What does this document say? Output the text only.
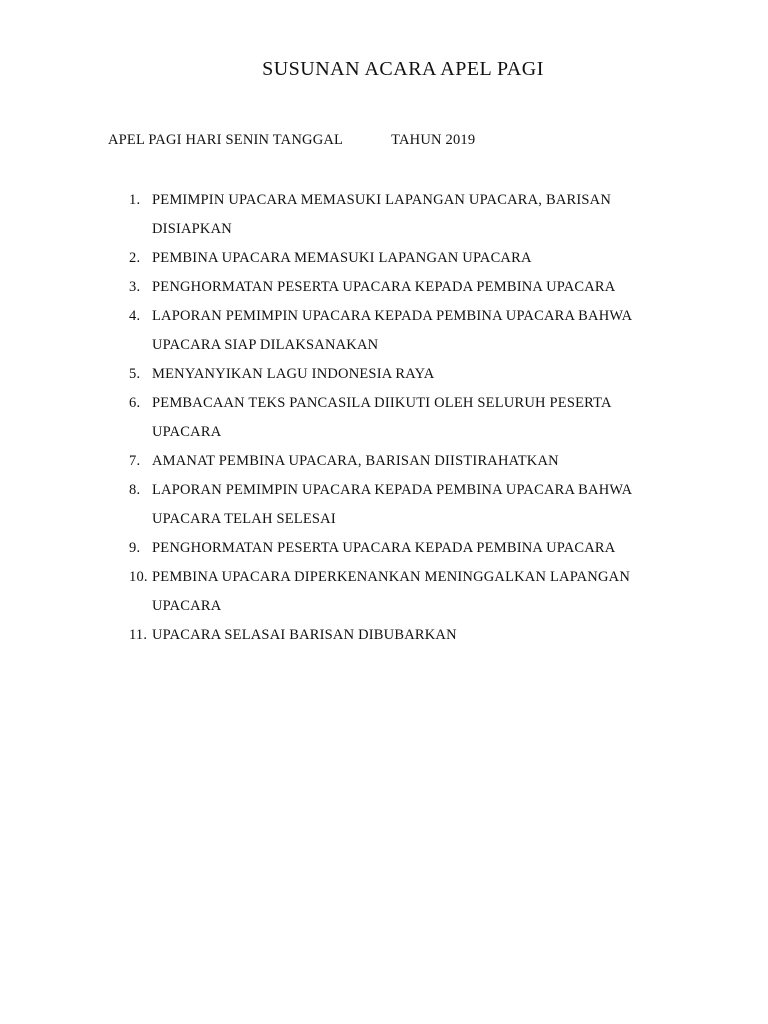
SUSUNAN ACARA APEL PAGI
APEL PAGI HARI SENIN TANGGAL	TAHUN 2019
1. PEMIMPIN UPACARA MEMASUKI LAPANGAN UPACARA, BARISAN
DISIAPKAN
2. PEMBINA UPACARA MEMASUKI LAPANGAN UPACARA
3. PENGHORMATAN PESERTA UPACARA KEPADA PEMBINA UPACARA
4. LAPORAN PEMIMPIN UPACARA KEPADA PEMBINA UPACARA BAHWA
UPACARA SIAP DILAKSANAKAN
5. MENYANYIKAN LAGU INDONESIA RAYA
6. PEMBACAAN TEKS PANCASILA DIIKUTI OLEH SELURUH PESERTA
UPACARA
7. AMANAT PEMBINA UPACARA, BARISAN DIISTIRAHATKAN
8. LAPORAN PEMIMPIN UPACARA KEPADA PEMBINA UPACARA BAHWA
UPACARA TELAH SELESAI
9. PENGHORMATAN PESERTA UPACARA KEPADA PEMBINA UPACARA
10. PEMBINA UPACARA DIPERKENANKAN MENINGGALKAN LAPANGAN
UPACARA
11. UPACARA SELASAI BARISAN DIBUBARKAN
